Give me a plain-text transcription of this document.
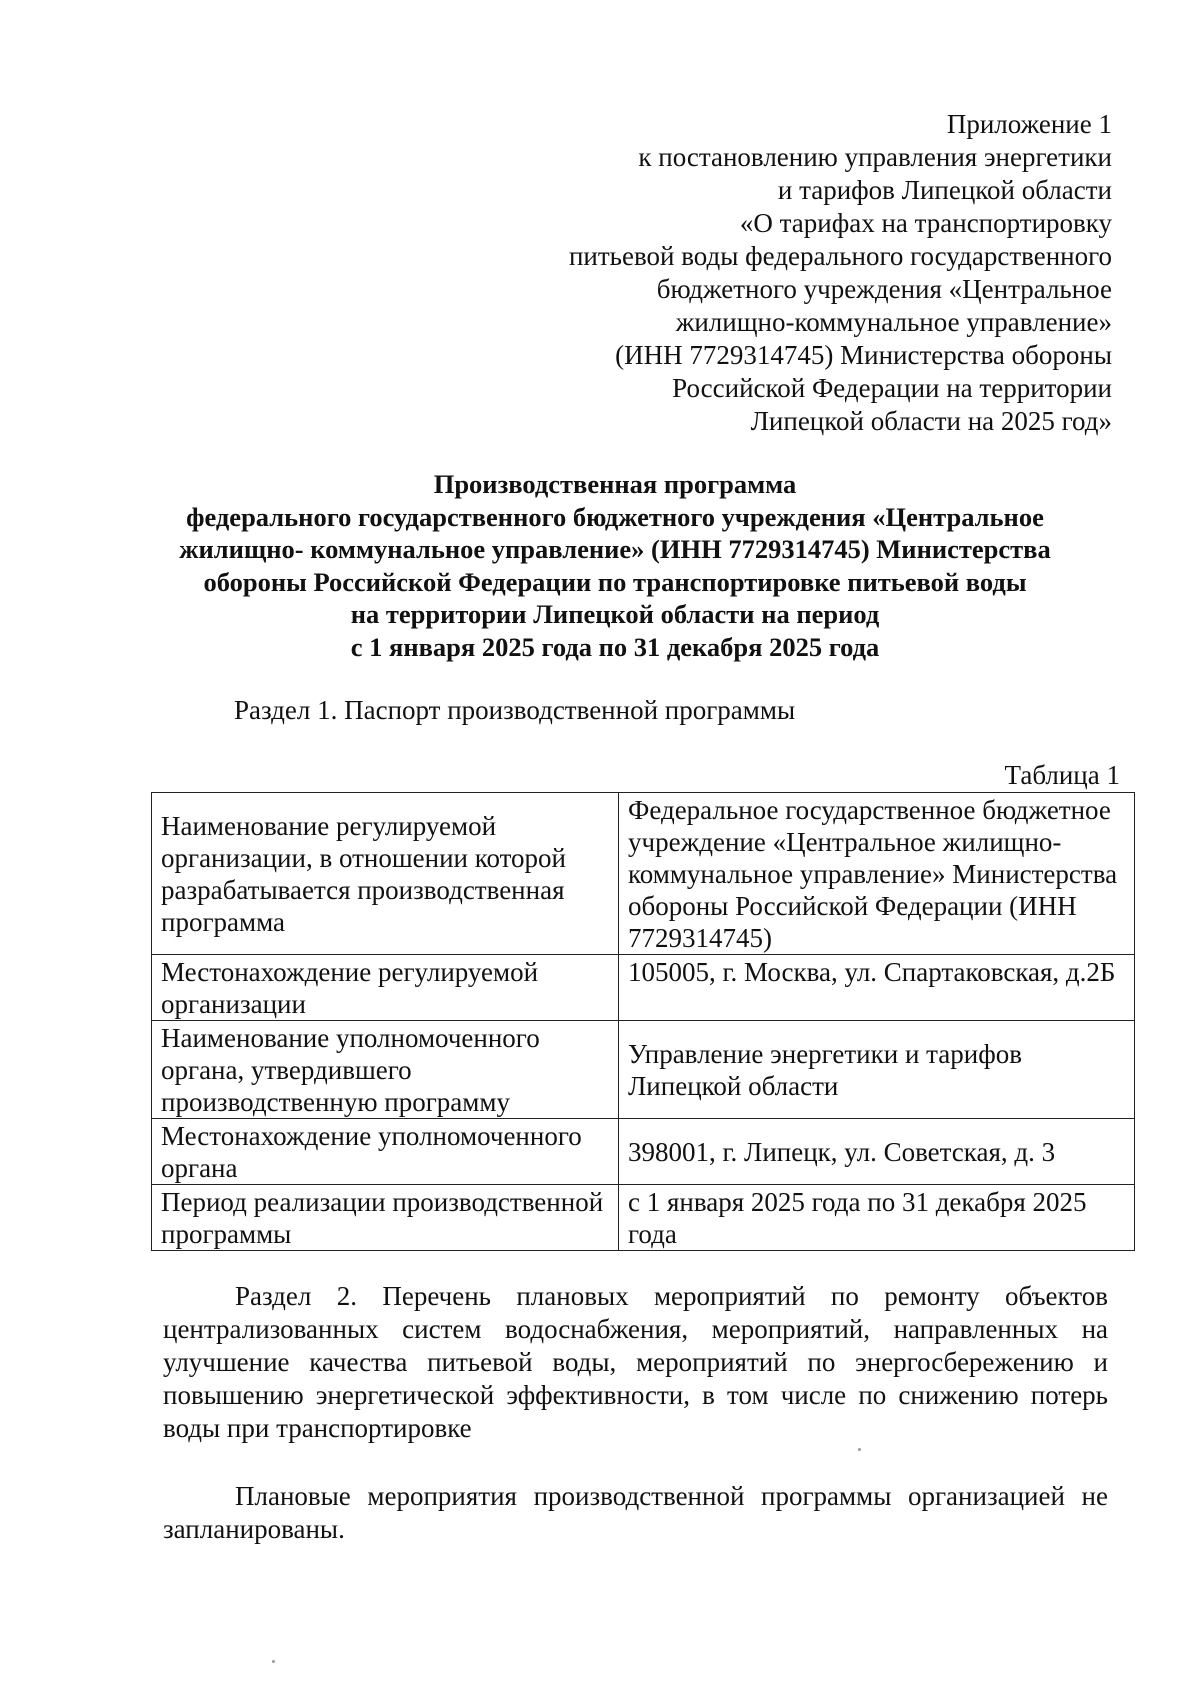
Приложение 1
к постановлению управления энергетики
и тарифов Липецкой области
«О тарифах на транспортировку
питьевой воды федерального государственного
бюджетного учреждения «Центральное
жилищно-коммунальное управление»
(ИНН 7729314745) Министерства обороны
Российской Федерации на территории
Липецкой области на 2025 год»
Производственная программа
федерального государственного бюджетного учреждения «Центральное
жилищно- коммунальное управление» (ИНН 7729314745) Министерства
обороны Российской Федерации по транспортировке питьевой воды
на территории Липецкой области на период
с 1 января 2025 года по 31 декабря 2025 года
Раздел 1. Паспорт производственной программы
Таблица 1
Наименование регулируемой организации, в отношении которой разрабатывается производственная программа	Федеральное государственное бюджетное учреждение «Центральное жилищно-коммунальное управление» Министерства обороны Российской Федерации (ИНН 7729314745)
Местонахождение регулируемой организации	105005, г. Москва, ул. Спартаковская, д.2Б
Наименование уполномоченного органа, утвердившего производственную программу	Управление энергетики и тарифов Липецкой области
Местонахождение уполномоченного органа	398001, г. Липецк, ул. Советская, д. 3
Период реализации производственной программы	с 1 января 2025 года по 31 декабря 2025 года
Раздел 2. Перечень плановых мероприятий по ремонту объектов централизованных систем водоснабжения, мероприятий, направленных на улучшение качества питьевой воды, мероприятий по энергосбережению и повышению энергетической эффективности, в том числе по снижению потерь воды при транспортировке
Плановые мероприятия производственной программы организацией не запланированы.
